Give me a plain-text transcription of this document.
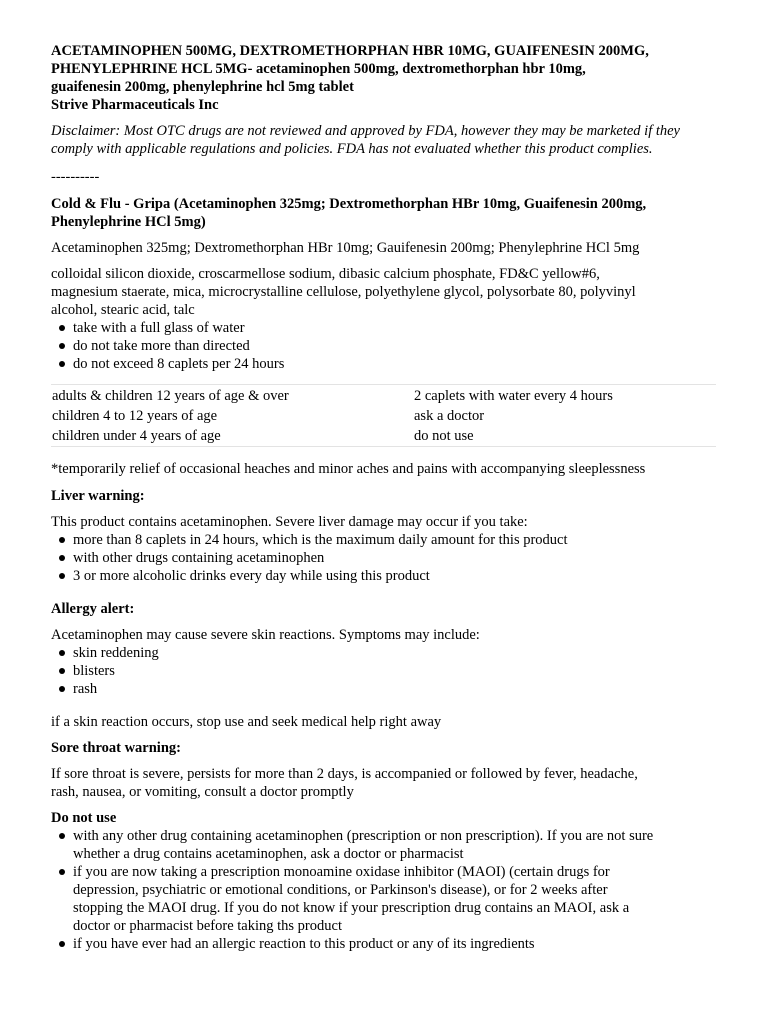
ACETAMINOPHEN 500MG, DEXTROMETHORPHAN HBR 10MG, GUAIFENESIN 200MG,
PHENYLEPHRINE HCL 5MG- acetaminophen 500mg, dextromethorphan hbr 10mg,
guaifenesin 200mg, phenylephrine hcl 5mg tablet
Strive Pharmaceuticals Inc
Disclaimer: Most OTC drugs are not reviewed and approved by FDA, however they may be marketed if they
comply with applicable regulations and policies. FDA has not evaluated whether this product complies.
----------
Cold & Flu - Gripa (Acetaminophen 325mg; Dextromethorphan HBr 10mg, Guaifenesin 200mg,
Phenylephrine HCl 5mg)

Acetaminophen 325mg; Dextromethorphan HBr 10mg; Gauifenesin 200mg; Phenylephrine HCl 5mg

colloidal silicon dioxide, croscarmellose sodium, dibasic calcium phosphate, FD&C yellow#6,
magnesium staerate, mica, microcrystalline cellulose, polyethylene glycol, polysorbate 80, polyvinyl
alcohol, stearic acid, talc
take with a full glass of water
do not take more than directed
do not exceed 8 caplets per 24 hours
adults & children 12 years of age & over	2 caplets with water every 4 hours
children 4 to 12 years of age	ask a doctor
children under 4 years of age	do not use

*temporarily relief of occasional heaches and minor aches and pains with accompanying sleeplessness

Liver warning:

This product contains acetaminophen. Severe liver damage may occur if you take:

more than 8 caplets in 24 hours, which is the maximum daily amount for this product
with other drugs containing acetaminophen
3 or more alcoholic drinks every day while using this product

Allergy alert:

Acetaminophen may cause severe skin reactions. Symptoms may include:

skin reddening
blisters
rash

if a skin reaction occurs, stop use and seek medical help right away

Sore throat warning:

If sore throat is severe, persists for more than 2 days, is accompanied or followed by fever, headache,
rash, nausea, or vomiting, consult a doctor promptly

Do not use

with any other drug containing acetaminophen (prescription or non prescription). If you are not sure
whether a drug contains acetaminophen, ask a doctor or pharmacist
if you are now taking a prescription monoamine oxidase inhibitor (MAOI) (certain drugs for
depression, psychiatric or emotional conditions, or Parkinson's disease), or for 2 weeks after
stopping the MAOI drug. If you do not know if your prescription drug contains an MAOI, ask a
doctor or pharmacist before taking ths product
if you have ever had an allergic reaction to this product or any of its ingredients
